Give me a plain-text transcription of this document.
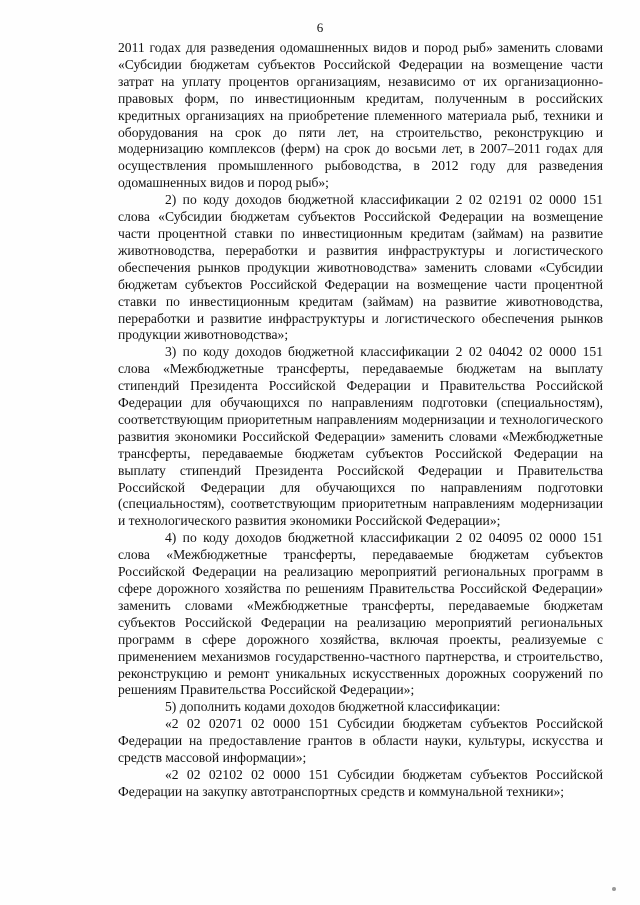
6

2011 годах для разведения одомашненных видов и пород рыб» заменить словами «Субсидии бюджетам субъектов Российской Федерации на возмещение части затрат на уплату процентов организациям, независимо от их организационно-правовых форм, по инвестиционным кредитам, полученным в российских кредитных организациях на приобретение племенного материала рыб, техники и оборудования на срок до пяти лет, на строительство, реконструкцию и модернизацию комплексов (ферм) на срок до восьми лет, в 2007–2011 годах для осуществления промышленного рыбоводства, в 2012 году для разведения одомашненных видов и пород рыб»;

2) по коду доходов бюджетной классификации 2 02 02191 02 0000 151 слова «Субсидии бюджетам субъектов Российской Федерации на возмещение части процентной ставки по инвестиционным кредитам (займам) на развитие животноводства, переработки и развития инфраструктуры и логистического обеспечения рынков продукции животноводства» заменить словами «Субсидии бюджетам субъектов Российской Федерации на возмещение части процентной ставки по инвестиционным кредитам (займам) на развитие животноводства, переработки и развитие инфраструктуры и логистического обеспечения рынков продукции животноводства»;

3) по коду доходов бюджетной классификации 2 02 04042 02 0000 151 слова «Межбюджетные трансферты, передаваемые бюджетам на выплату стипендий Президента Российской Федерации и Правительства Российской Федерации для обучающихся по направлениям подготовки (специальностям), соответствующим приоритетным направлениям модернизации и технологического развития экономики Российской Федерации» заменить словами «Межбюджетные трансферты, передаваемые бюджетам субъектов Российской Федерации на выплату стипендий Президента Российской Федерации и Правительства Российской Федерации для обучающихся по направлениям подготовки (специальностям), соответствующим приоритетным направлениям модернизации и технологического развития экономики Российской Федерации»;

4) по коду доходов бюджетной классификации 2 02 04095 02 0000 151 слова «Межбюджетные трансферты, передаваемые бюджетам субъектов Российской Федерации на реализацию мероприятий региональных программ в сфере дорожного хозяйства по решениям Правительства Российской Федерации» заменить словами «Межбюджетные трансферты, передаваемые бюджетам субъектов Российской Федерации на реализацию мероприятий региональных программ в сфере дорожного хозяйства, включая проекты, реализуемые с применением механизмов государственно-частного партнерства, и строительство, реконструкцию и ремонт уникальных искусственных дорожных сооружений по решениям Правительства Российской Федерации»;

5) дополнить кодами доходов бюджетной классификации:

«2 02 02071 02 0000 151 Субсидии бюджетам субъектов Российской Федерации на предоставление грантов в области науки, культуры, искусства и средств массовой информации»;

«2 02 02102 02 0000 151 Субсидии бюджетам субъектов Российской Федерации на закупку автотранспортных средств и коммунальной техники»;
